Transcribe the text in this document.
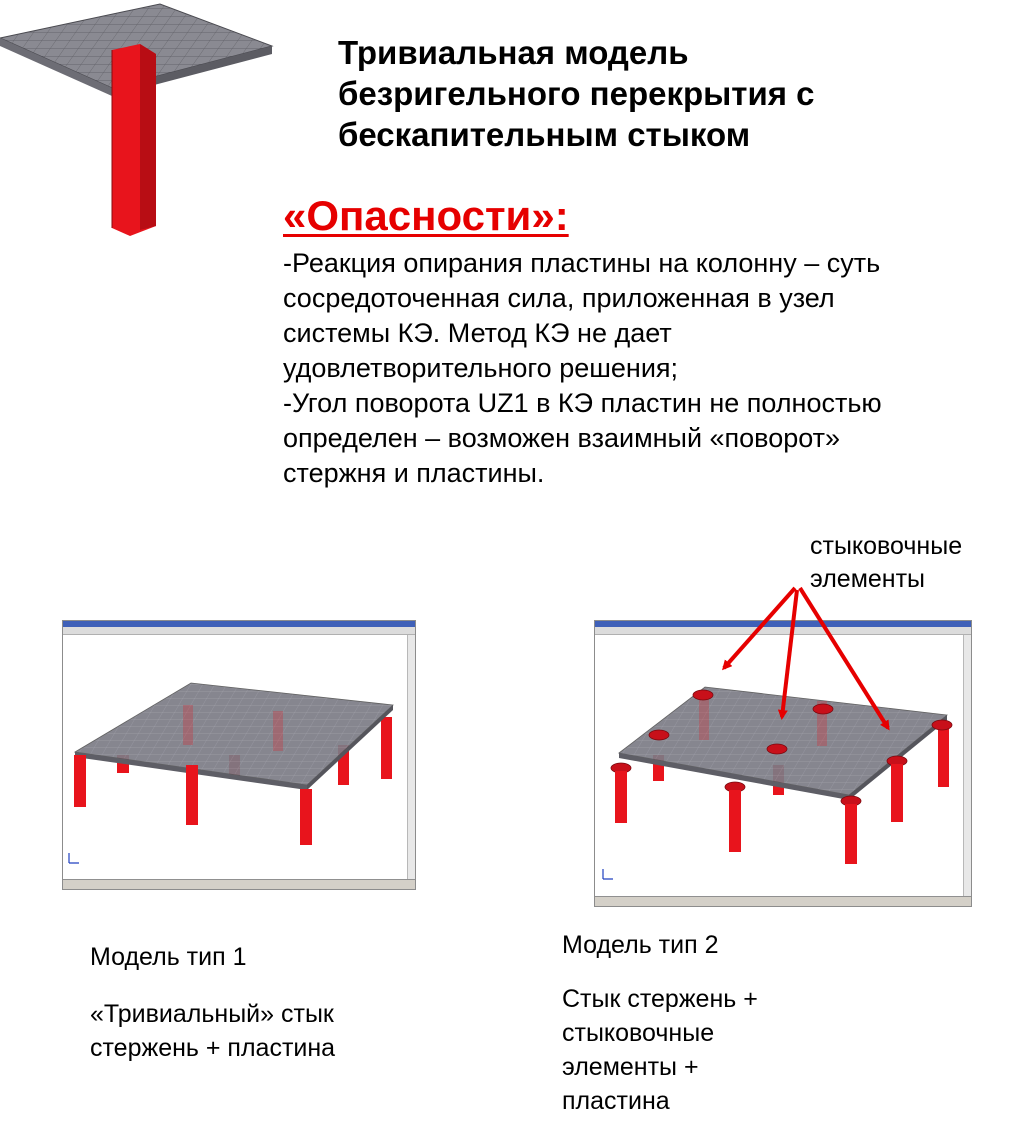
Тривиальная модель
безригельного перекрытия с
бескапительным стыком
«Опасности»:
-Реакция опирания пластины на колонну – суть
сосредоточенная сила, приложенная в узел
системы КЭ. Метод КЭ не дает
удовлетворительного решения;
-Угол поворота UZ1 в КЭ пластин не полностью
определен – возможен взаимный «поворот»
стержня и пластины.
стыковочные
элементы
Модель тип 1
«Тривиальный» стык
стержень + пластина
Модель тип 2
Стык стержень +
стыковочные
элементы +
пластина
